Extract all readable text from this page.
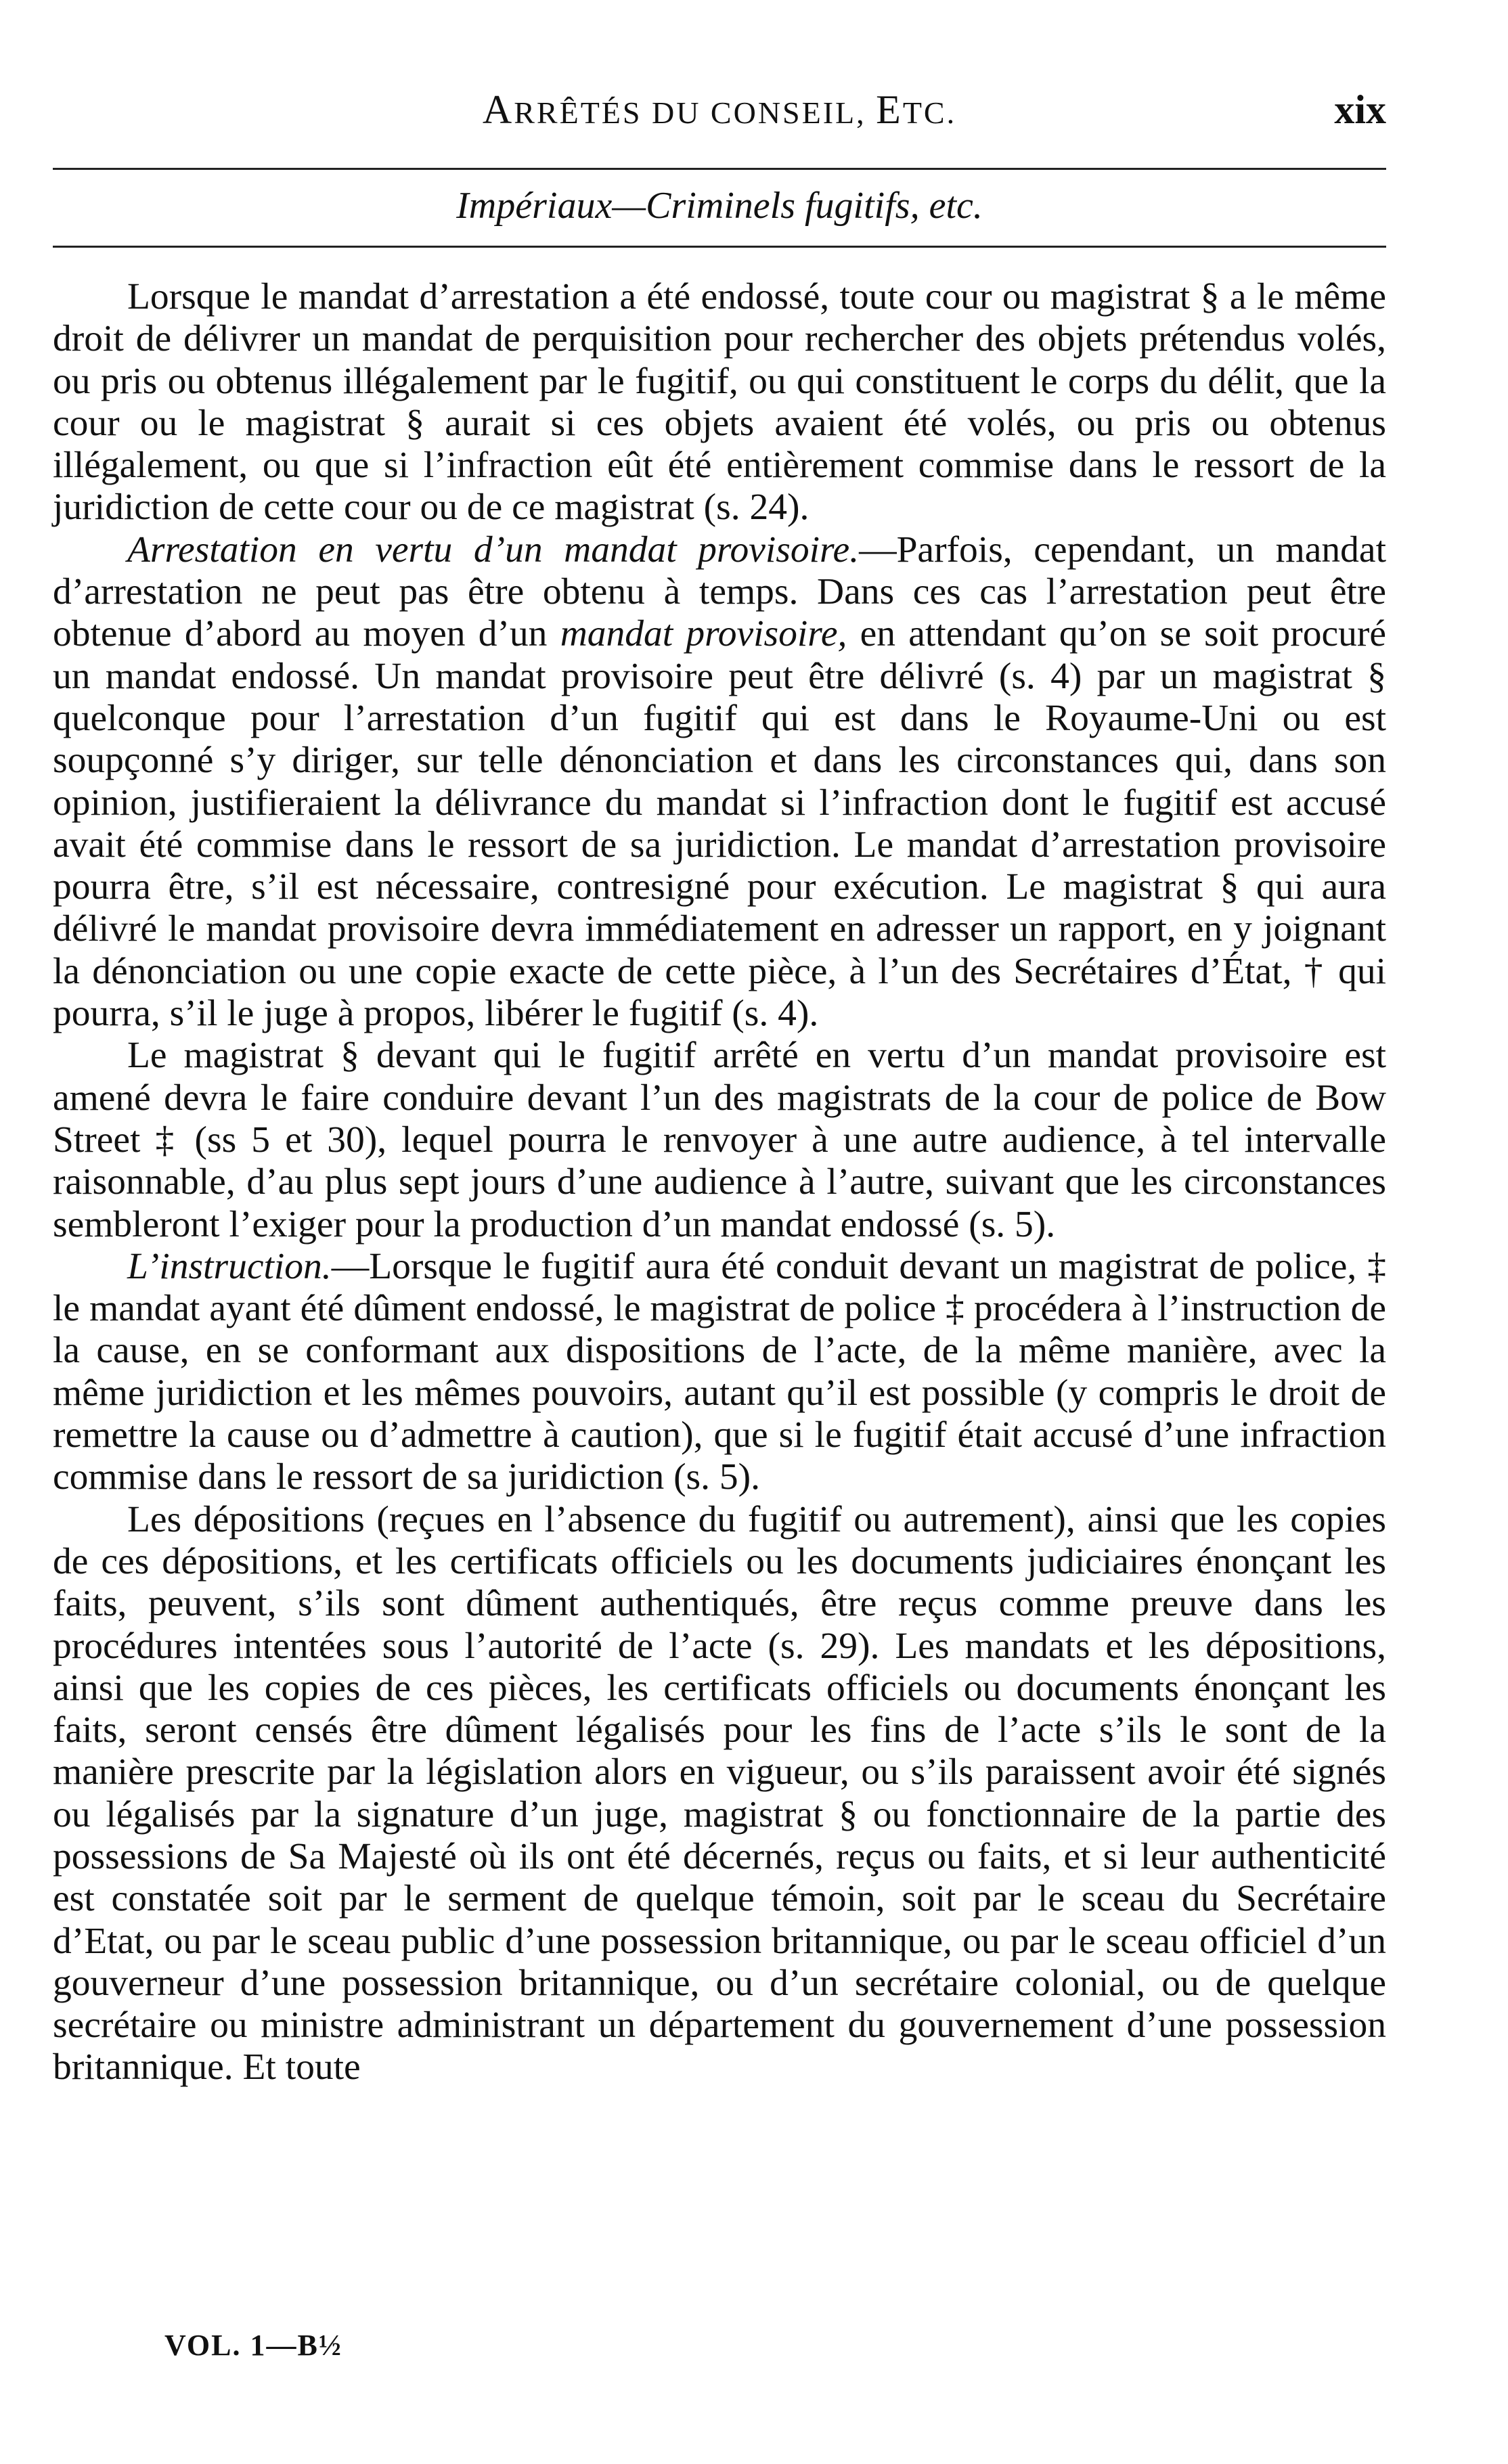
ARRÊTÉS DU CONSEIL, ETC.	xix
Impériaux—Criminels fugitifs, etc.

Lorsque le mandat d’arrestation a été endossé, toute cour ou magistrat § a le même droit de délivrer un mandat de perquisition pour rechercher des objets prétendus volés, ou pris ou obtenus illégalement par le fugitif, ou qui constituent le corps du délit, que la cour ou le magistrat § aurait si ces objets avaient été volés, ou pris ou obtenus illégalement, ou que si l’infraction eût été entièrement commise dans le ressort de la juridiction de cette cour ou de ce magistrat (s. 24).

Arrestation en vertu d’un mandat provisoire.—Parfois, cependant, un mandat d’arrestation ne peut pas être obtenu à temps. Dans ces cas l’arrestation peut être obtenue d’abord au moyen d’un mandat provisoire, en attendant qu’on se soit procuré un mandat endossé. Un mandat provisoire peut être délivré (s. 4) par un magistrat § quelconque pour l’arrestation d’un fugitif qui est dans le Royaume-Uni ou est soupçonné s’y diriger, sur telle dénonciation et dans les circonstances qui, dans son opinion, justifieraient la délivrance du mandat si l’infraction dont le fugitif est accusé avait été commise dans le ressort de sa juridiction. Le mandat d’arrestation provisoire pourra être, s’il est nécessaire, contresigné pour exécution. Le magistrat § qui aura délivré le mandat provisoire devra immédiatement en adresser un rapport, en y joignant la dénonciation ou une copie exacte de cette pièce, à l’un des Secrétaires d’État, † qui pourra, s’il le juge à propos, libérer le fugitif (s. 4).

Le magistrat § devant qui le fugitif arrêté en vertu d’un mandat provisoire est amené devra le faire conduire devant l’un des magistrats de la cour de police de Bow Street ‡ (ss 5 et 30), lequel pourra le renvoyer à une autre audience, à tel intervalle raisonnable, d’au plus sept jours d’une audience à l’autre, suivant que les circonstances sembleront l’exiger pour la production d’un mandat endossé (s. 5).

L’instruction.—Lorsque le fugitif aura été conduit devant un magistrat de police, ‡ le mandat ayant été dûment endossé, le magistrat de police ‡ procédera à l’instruction de la cause, en se conformant aux dispositions de l’acte, de la même manière, avec la même juridiction et les mêmes pouvoirs, autant qu’il est possible (y compris le droit de remettre la cause ou d’admettre à caution), que si le fugitif était accusé d’une infraction commise dans le ressort de sa juridiction (s. 5).

Les dépositions (reçues en l’absence du fugitif ou autrement), ainsi que les copies de ces dépositions, et les certificats officiels ou les documents judiciaires énonçant les faits, peuvent, s’ils sont dûment authentiqués, être reçus comme preuve dans les procédures intentées sous l’autorité de l’acte (s. 29). Les mandats et les dépositions, ainsi que les copies de ces pièces, les certificats officiels ou documents énonçant les faits, seront censés être dûment légalisés pour les fins de l’acte s’ils le sont de la manière prescrite par la législation alors en vigueur, ou s’ils paraissent avoir été signés ou légalisés par la signature d’un juge, magistrat § ou fonctionnaire de la partie des possessions de Sa Majesté où ils ont été décernés, reçus ou faits, et si leur authenticité est constatée soit par le serment de quelque témoin, soit par le sceau du Secrétaire d’Etat, ou par le sceau public d’une possession britannique, ou par le sceau officiel d’un gouverneur d’une possession britannique, ou d’un secrétaire colonial, ou de quelque secrétaire ou ministre administrant un département du gouvernement d’une possession britannique. Et toute

VOL. 1—B½
